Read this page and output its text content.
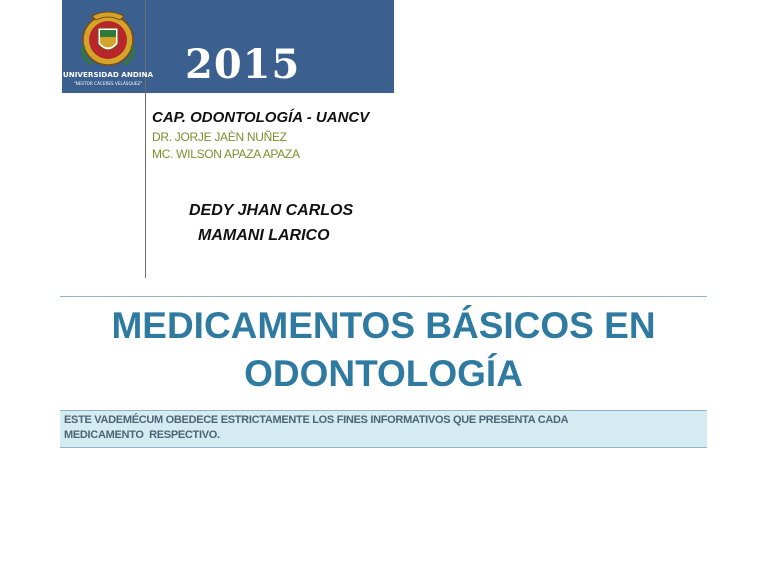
UNIVERSIDAD ANDINA
"NESTOR CÁCERES VELÁSQUEZ" 2015
CAP. ODONTOLOGÍA - UANCV
DR. JORJE JAÈN NUÑEZ
MC. WILSON APAZA APAZA
DEDY JHAN CARLOS
MAMANI LARICO
MEDICAMENTOS BÁSICOS EN
ODONTOLOGÍA
ESTE VADEMÉCUM OBEDECE ESTRICTAMENTE LOS FINES INFORMATIVOS QUE PRESENTA CADA
MEDICAMENTO  RESPECTIVO.
